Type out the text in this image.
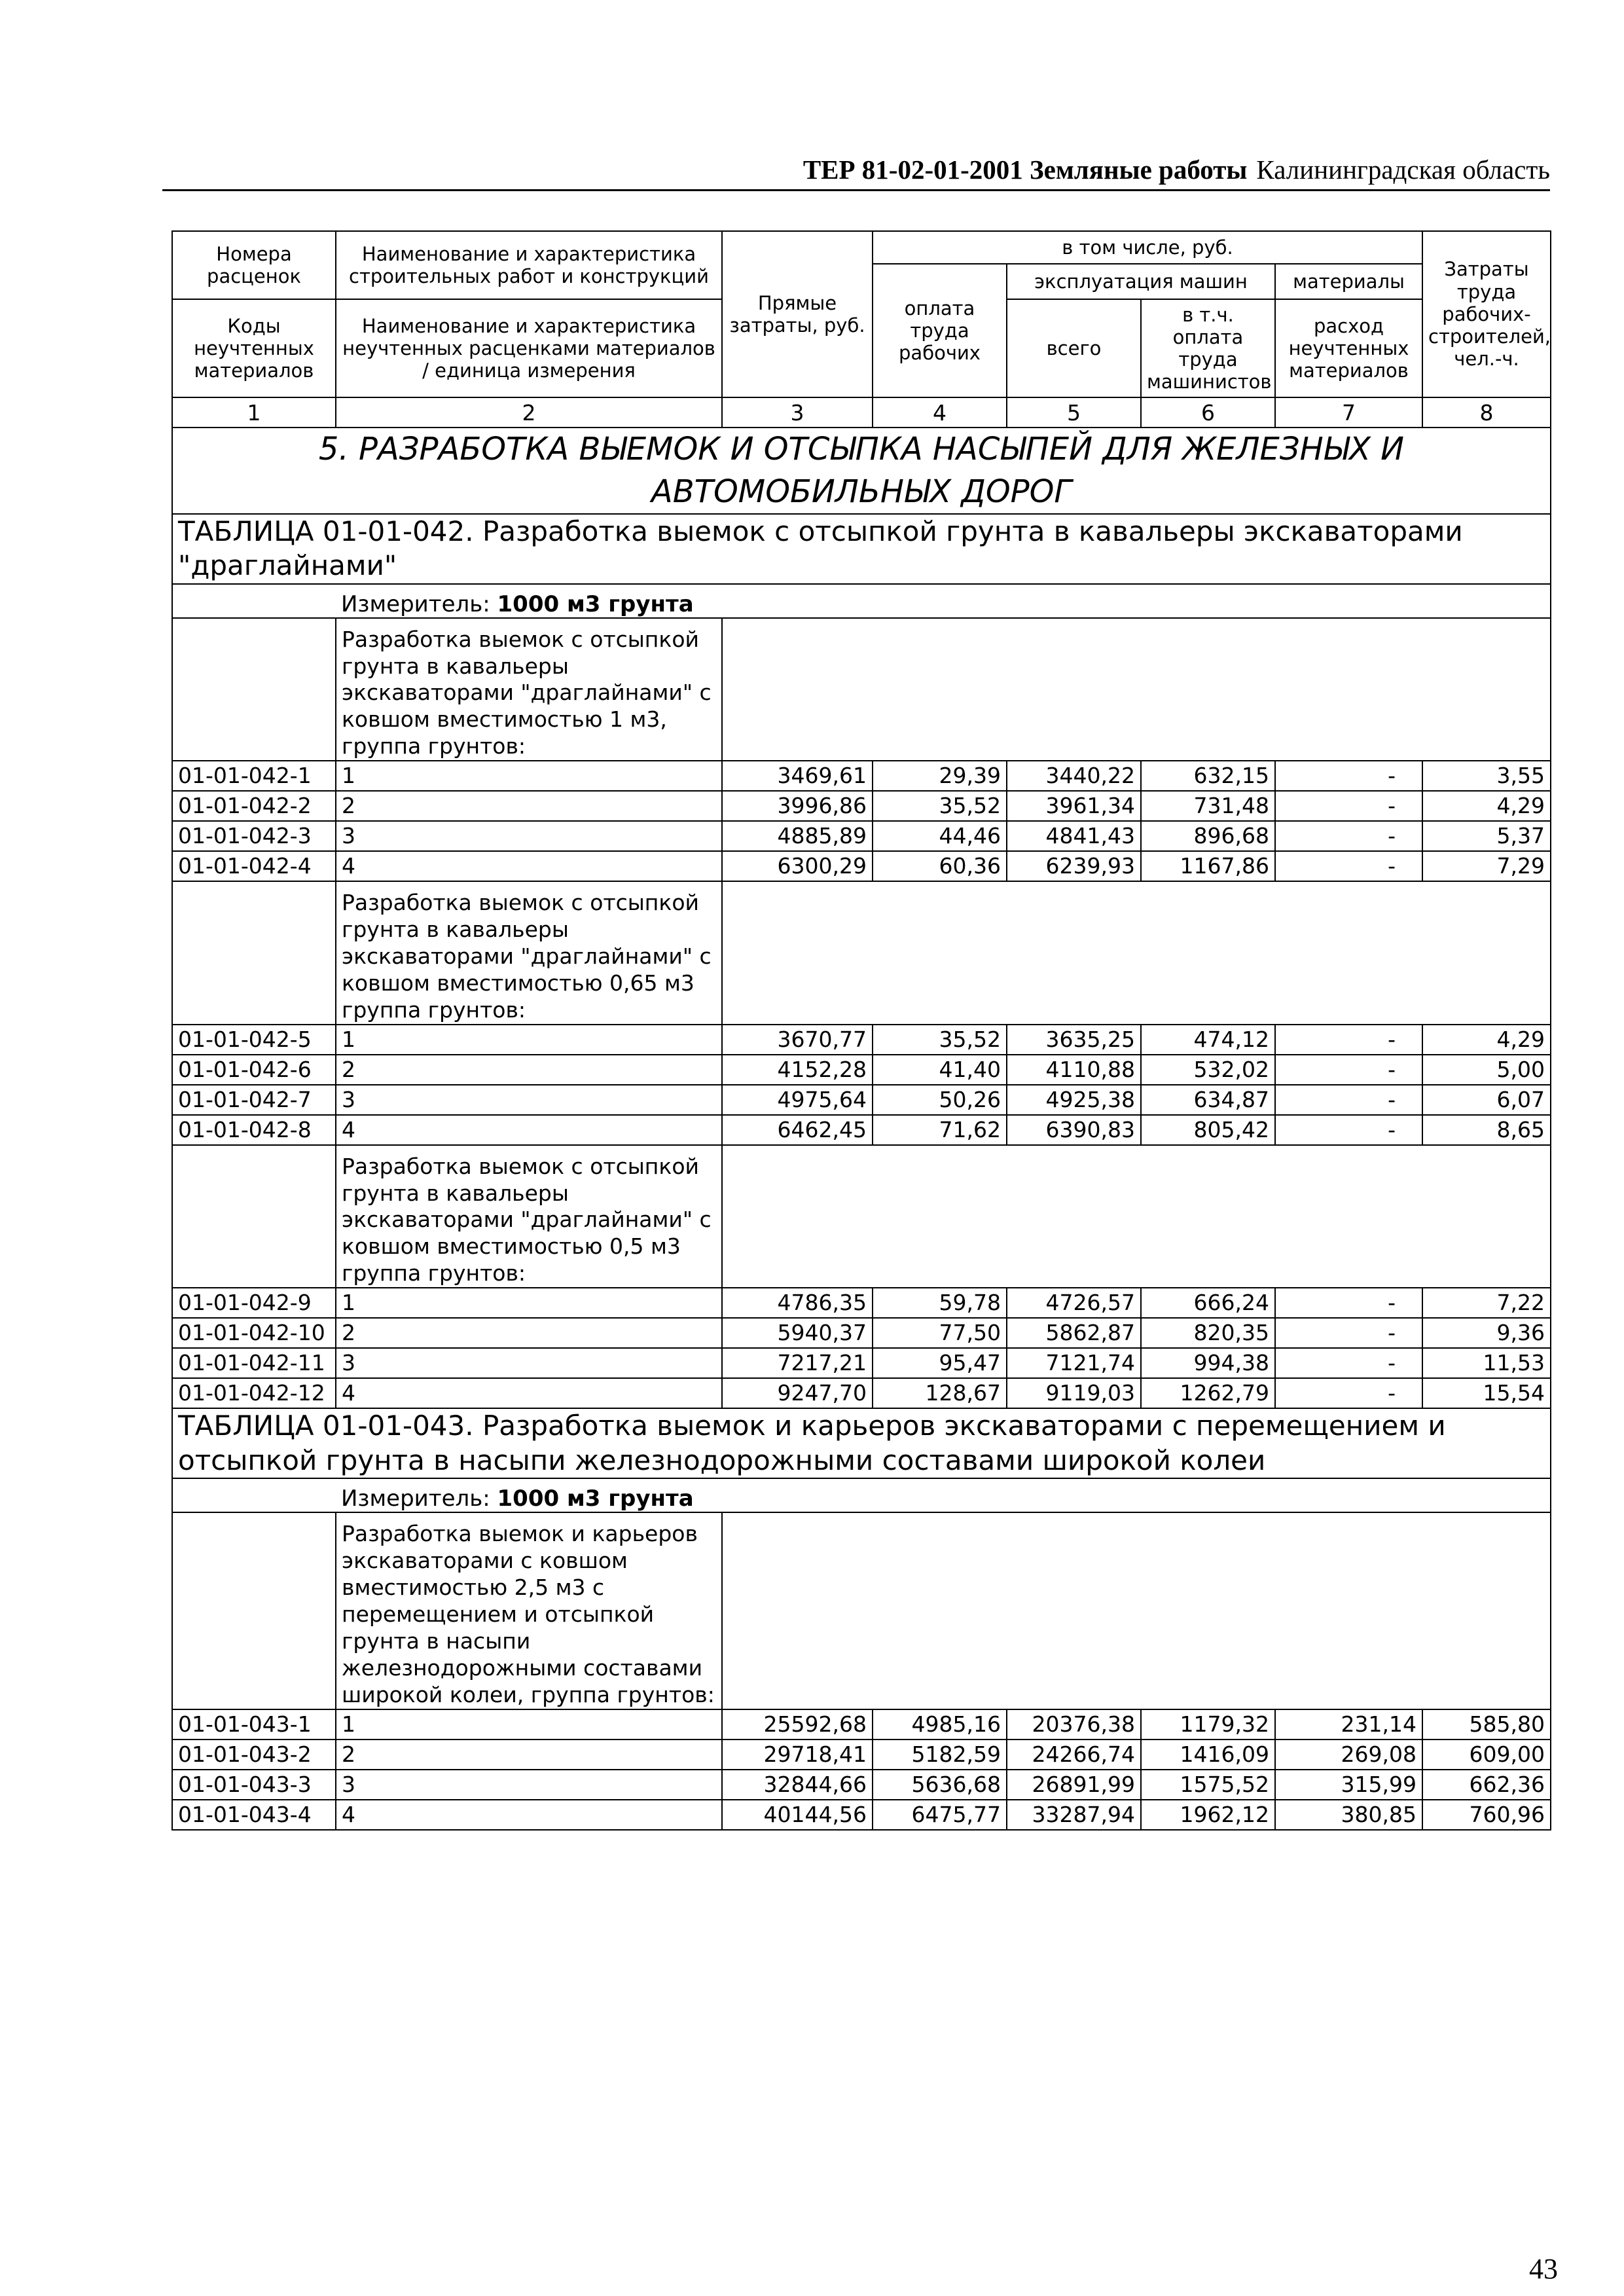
ТЕР 81-02-01-2001 Земляные работы Калининградская область
Номера расценок	Наименование и характеристика строительных работ и конструкций	Прямые затраты, руб.	в том числе, руб.				Затраты труда рабочих-строителей, чел.-ч.
			оплата труда рабочих	эксплуатация машин		материалы	
Коды неучтенных материалов	Наименование и характеристика неучтенных расценками материалов / единица измерения			всего	в т.ч. оплата труда машинистов	расход неучтенных материалов	

1	2	3	4	5	6	7	8
5. РАЗРАБОТКА ВЫЕМОК И ОТСЫПКА НАСЫПЕЙ ДЛЯ ЖЕЛЕЗНЫХ И АВТОМОБИЛЬНЫХ ДОРОГ							
ТАБЛИЦА 01-01-042. Разработка выемок с отсыпкой грунта в кавальеры экскаваторами "драглайнами"							
	Измеритель: 1000 м3 грунта						
	Разработка выемок с отсыпкой грунта в кавальеры экскаваторами "драглайнами" с ковшом вместимостью 1 м3, группа грунтов:						
01-01-042-1	1	3469,61	29,39	3440,22	632,15	-	3,55
01-01-042-2	2	3996,86	35,52	3961,34	731,48	-	4,29
01-01-042-3	3	4885,89	44,46	4841,43	896,68	-	5,37
01-01-042-4	4	6300,29	60,36	6239,93	1167,86	-	7,29
	Разработка выемок с отсыпкой грунта в кавальеры экскаваторами "драглайнами" с ковшом вместимостью 0,65 м3 группа грунтов:						
01-01-042-5	1	3670,77	35,52	3635,25	474,12	-	4,29
01-01-042-6	2	4152,28	41,40	4110,88	532,02	-	5,00
01-01-042-7	3	4975,64	50,26	4925,38	634,87	-	6,07
01-01-042-8	4	6462,45	71,62	6390,83	805,42	-	8,65
	Разработка выемок с отсыпкой грунта в кавальеры экскаваторами "драглайнами" с ковшом вместимостью 0,5 м3 группа грунтов:						
01-01-042-9	1	4786,35	59,78	4726,57	666,24	-	7,22
01-01-042-10	2	5940,37	77,50	5862,87	820,35	-	9,36
01-01-042-11	3	7217,21	95,47	7121,74	994,38	-	11,53
01-01-042-12	4	9247,70	128,67	9119,03	1262,79	-	15,54
ТАБЛИЦА 01-01-043. Разработка выемок и карьеров экскаваторами с перемещением и отсыпкой грунта в насыпи железнодорожными составами широкой колеи							
	Измеритель: 1000 м3 грунта						
	Разработка выемок и карьеров экскаваторами с ковшом вместимостью 2,5 м3 с перемещением и отсыпкой грунта в насыпи железнодорожными составами широкой колеи, группа грунтов:						
01-01-043-1	1	25592,68	4985,16	20376,38	1179,32	231,14	585,80
01-01-043-2	2	29718,41	5182,59	24266,74	1416,09	269,08	609,00
01-01-043-3	3	32844,66	5636,68	26891,99	1575,52	315,99	662,36
01-01-043-4	4	40144,56	6475,77	33287,94	1962,12	380,85	760,96
43
